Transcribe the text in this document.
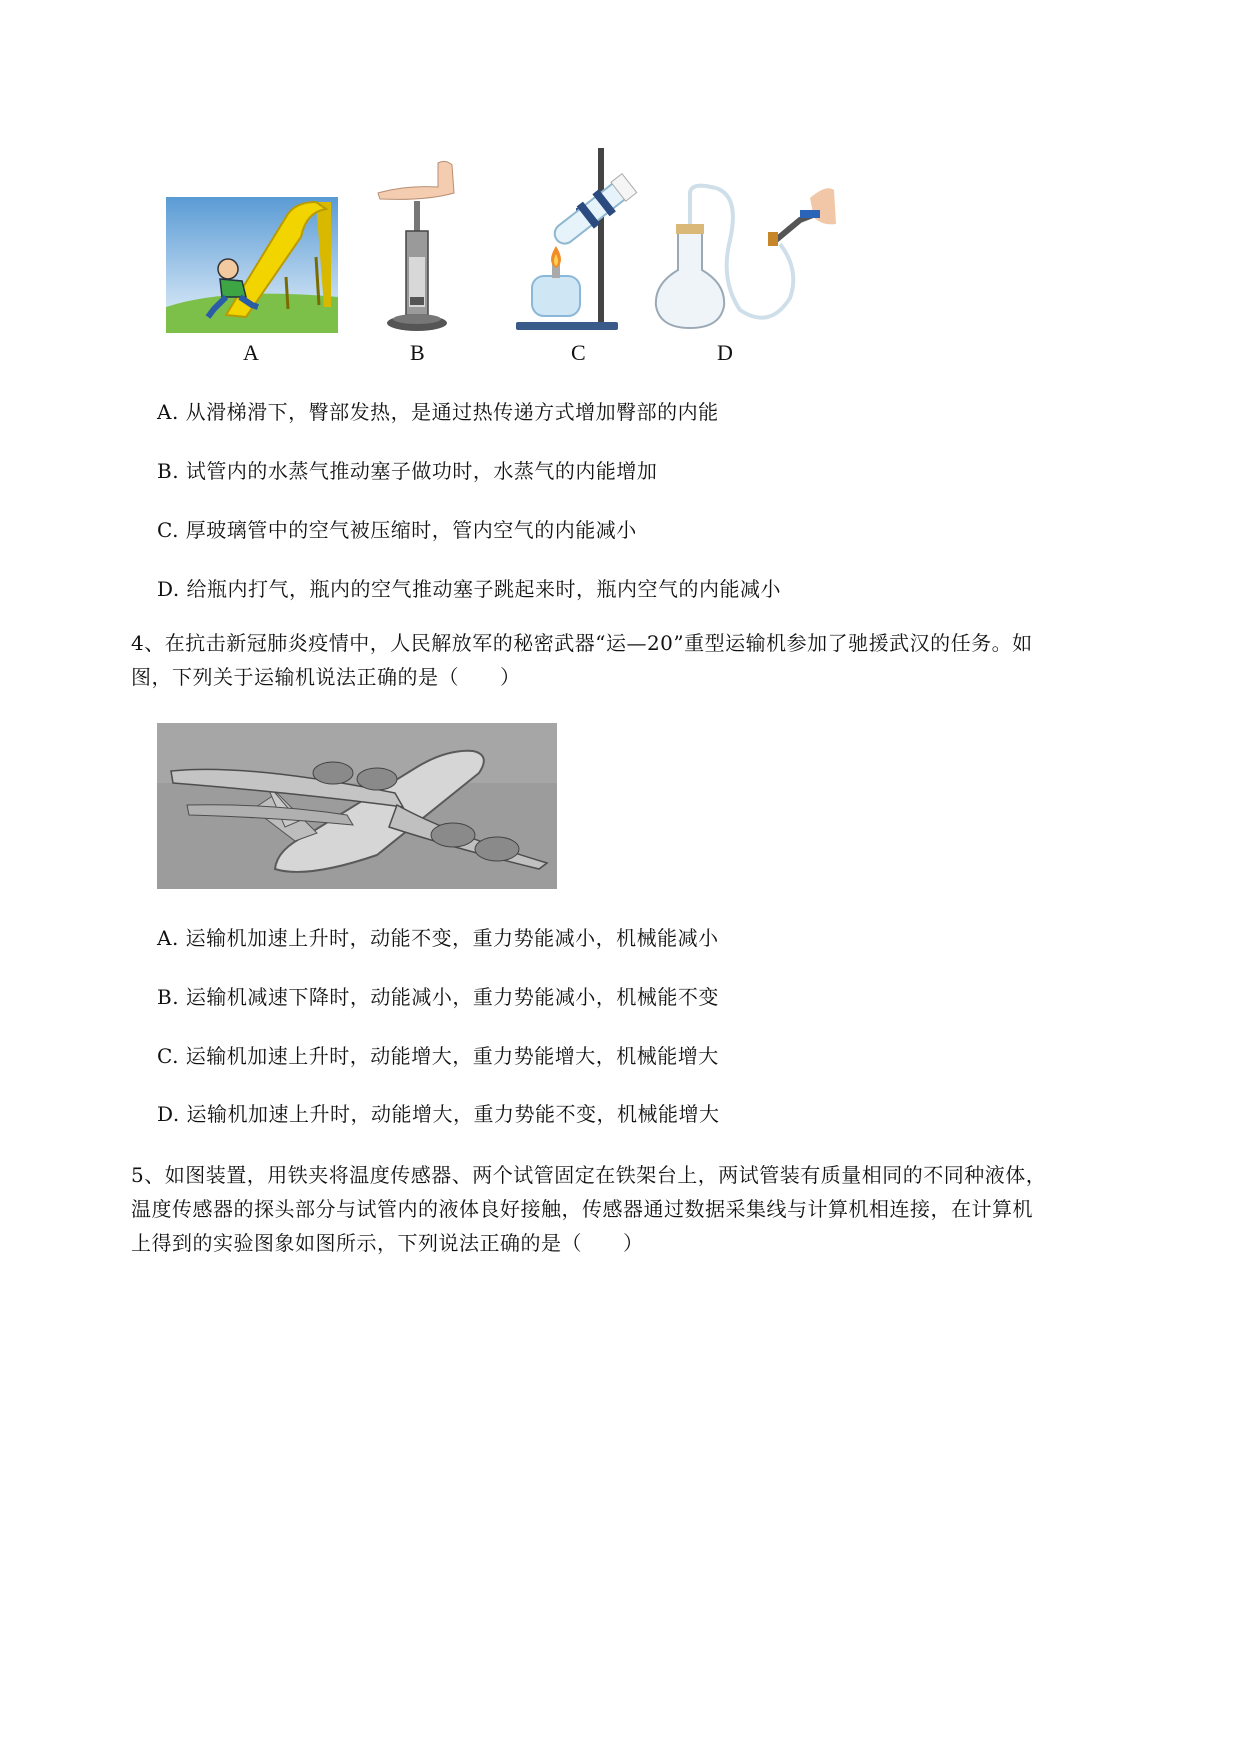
A	B	C	D
A. 从滑梯滑下，臀部发热，是通过热传递方式增加臀部的内能
B. 试管内的水蒸气推动塞子做功时，水蒸气的内能增加
C. 厚玻璃管中的空气被压缩时，管内空气的内能减小
D. 给瓶内打气，瓶内的空气推动塞子跳起来时，瓶内空气的内能减小

4、在抗击新冠肺炎疫情中，人民解放军的秘密武器“运—20”重型运输机参加了驰援武汉的任务。如

图，下列关于运输机说法正确的是（　　）

A. 运输机加速上升时，动能不变，重力势能减小，机械能减小
B. 运输机减速下降时，动能减小，重力势能减小，机械能不变
C. 运输机加速上升时，动能增大，重力势能增大，机械能增大
D. 运输机加速上升时，动能增大，重力势能不变，机械能增大

5、如图装置，用铁夹将温度传感器、两个试管固定在铁架台上，两试管装有质量相同的不同种液体，

温度传感器的探头部分与试管内的液体良好接触，传感器通过数据采集线与计算机相连接，在计算机

上得到的实验图象如图所示，下列说法正确的是（　　）
